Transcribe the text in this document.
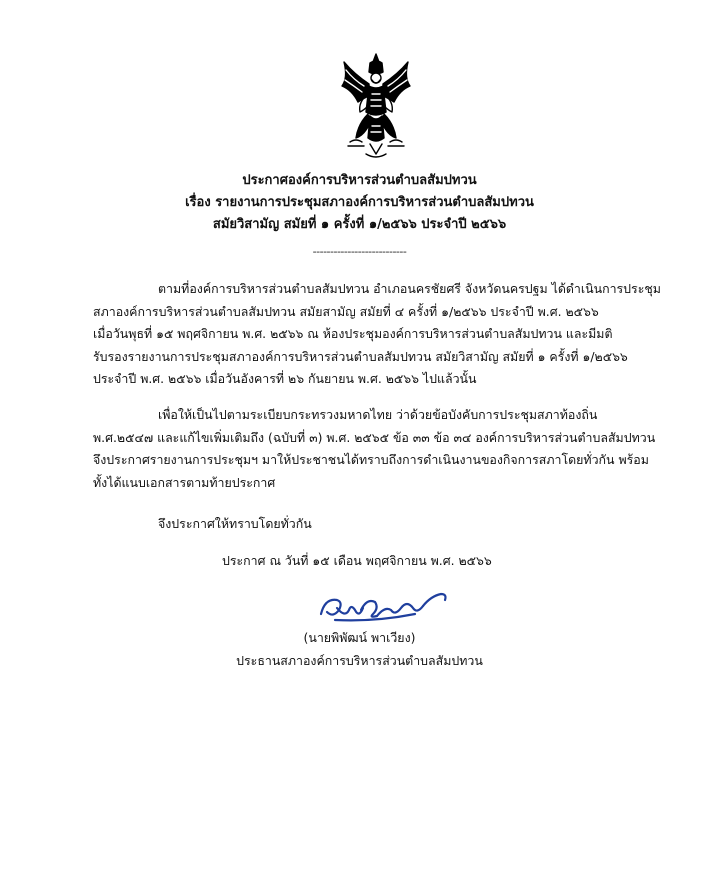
ประกาศองค์การบริหารส่วนตำบลสัมปทวน
เรื่อง รายงานการประชุมสภาองค์การบริหารส่วนตำบลสัมปทวน
สมัยวิสามัญ สมัยที่ ๑ ครั้งที่ ๑/๒๕๖๖ ประจำปี ๒๕๖๖
---------------------------
ตามที่องค์การบริหารส่วนตำบลสัมปทวน อำเภอนครชัยศรี จังหวัดนครปฐม ได้ดำเนินการประชุม
สภาองค์การบริหารส่วนตำบลสัมปทวน สมัยสามัญ สมัยที่ ๔ ครั้งที่ ๑/๒๕๖๖ ประจำปี พ.ศ. ๒๕๖๖
เมื่อวันพุธที่ ๑๕ พฤศจิกายน พ.ศ. ๒๕๖๖ ณ ห้องประชุมองค์การบริหารส่วนตำบลสัมปทวน และมีมติ
รับรองรายงานการประชุมสภาองค์การบริหารส่วนตำบลสัมปทวน สมัยวิสามัญ สมัยที่ ๑ ครั้งที่ ๑/๒๕๖๖
ประจำปี พ.ศ. ๒๕๖๖ เมื่อวันอังคารที่ ๒๖ กันยายน พ.ศ. ๒๕๖๖ ไปแล้วนั้น
เพื่อให้เป็นไปตามระเบียบกระทรวงมหาดไทย ว่าด้วยข้อบังคับการประชุมสภาท้องถิ่น
พ.ศ.๒๕๔๗ และแก้ไขเพิ่มเติมถึง (ฉบับที่ ๓) พ.ศ. ๒๕๖๕ ข้อ ๓๓ ข้อ ๓๔ องค์การบริหารส่วนตำบลสัมปทวน
จึงประกาศรายงานการประชุมฯ มาให้ประชาชนได้ทราบถึงการดำเนินงานของกิจการสภาโดยทั่วกัน พร้อม
ทั้งได้แนบเอกสารตามท้ายประกาศ
จึงประกาศให้ทราบโดยทั่วกัน
ประกาศ ณ วันที่ ๑๕ เดือน พฤศจิกายน พ.ศ. ๒๕๖๖
(นายพิพัฒน์ พาเวียง)
ประธานสภาองค์การบริหารส่วนตำบลสัมปทวน
